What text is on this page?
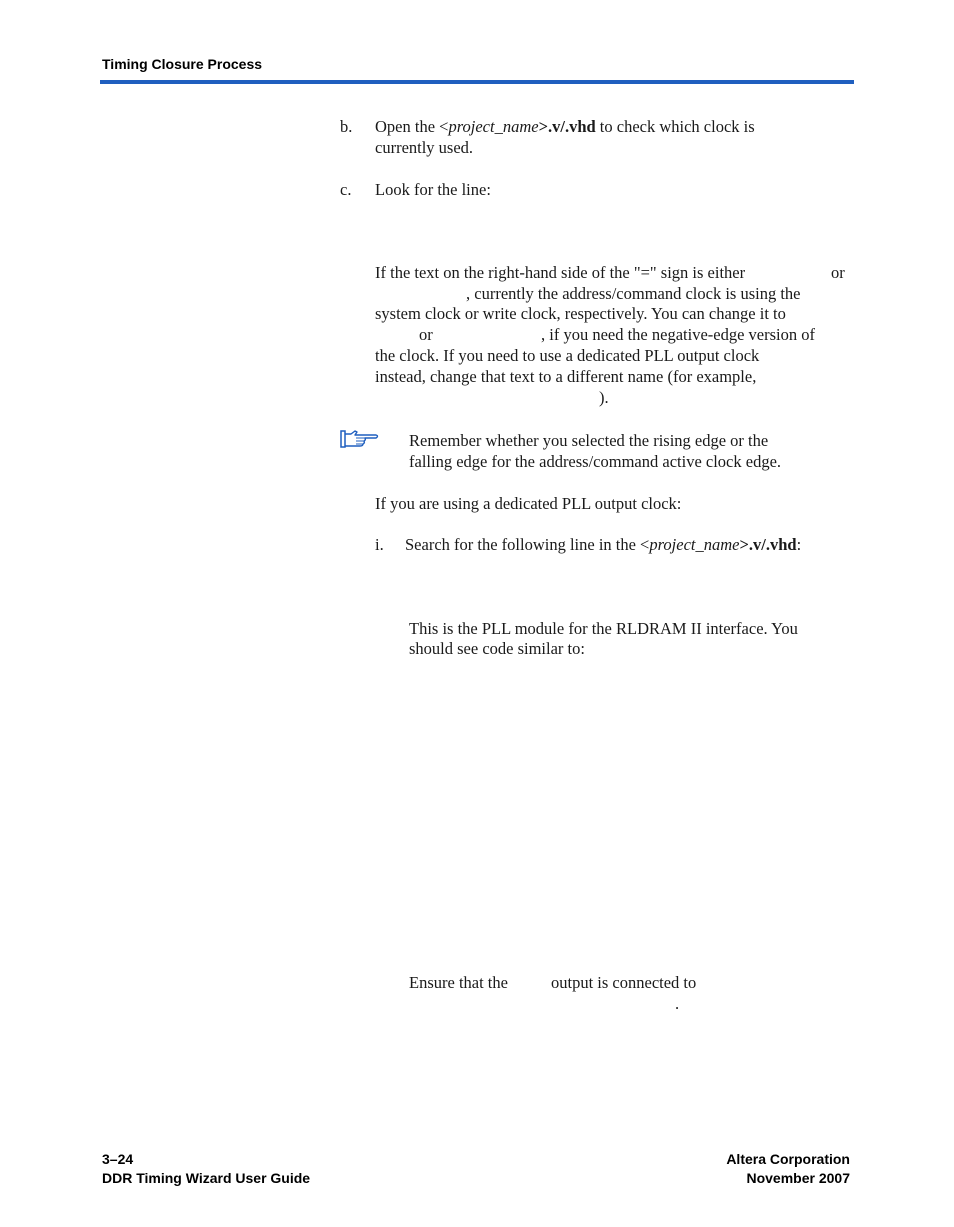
Timing Closure Process
b. Open the <project_name>.v/.vhd to check which clock is
currently used.
c. Look for the line:
If the text on the right-hand side of the "=" sign is either	or
, currently the address/command clock is using the
system clock or write clock, respectively. You can change it to
or	, if you need the negative-edge version of
the clock. If you need to use a dedicated PLL output clock
instead, change that text to a different name (for example,
).
Remember whether you selected the rising edge or the
falling edge for the address/command active clock edge.
If you are using a dedicated PLL output clock:
i. Search for the following line in the <project_name>.v/.vhd:
This is the PLL module for the RLDRAM II interface. You
should see code similar to:
Ensure that the	output is connected to
.
3–24
DDR Timing Wizard User Guide
Altera Corporation
November 2007
